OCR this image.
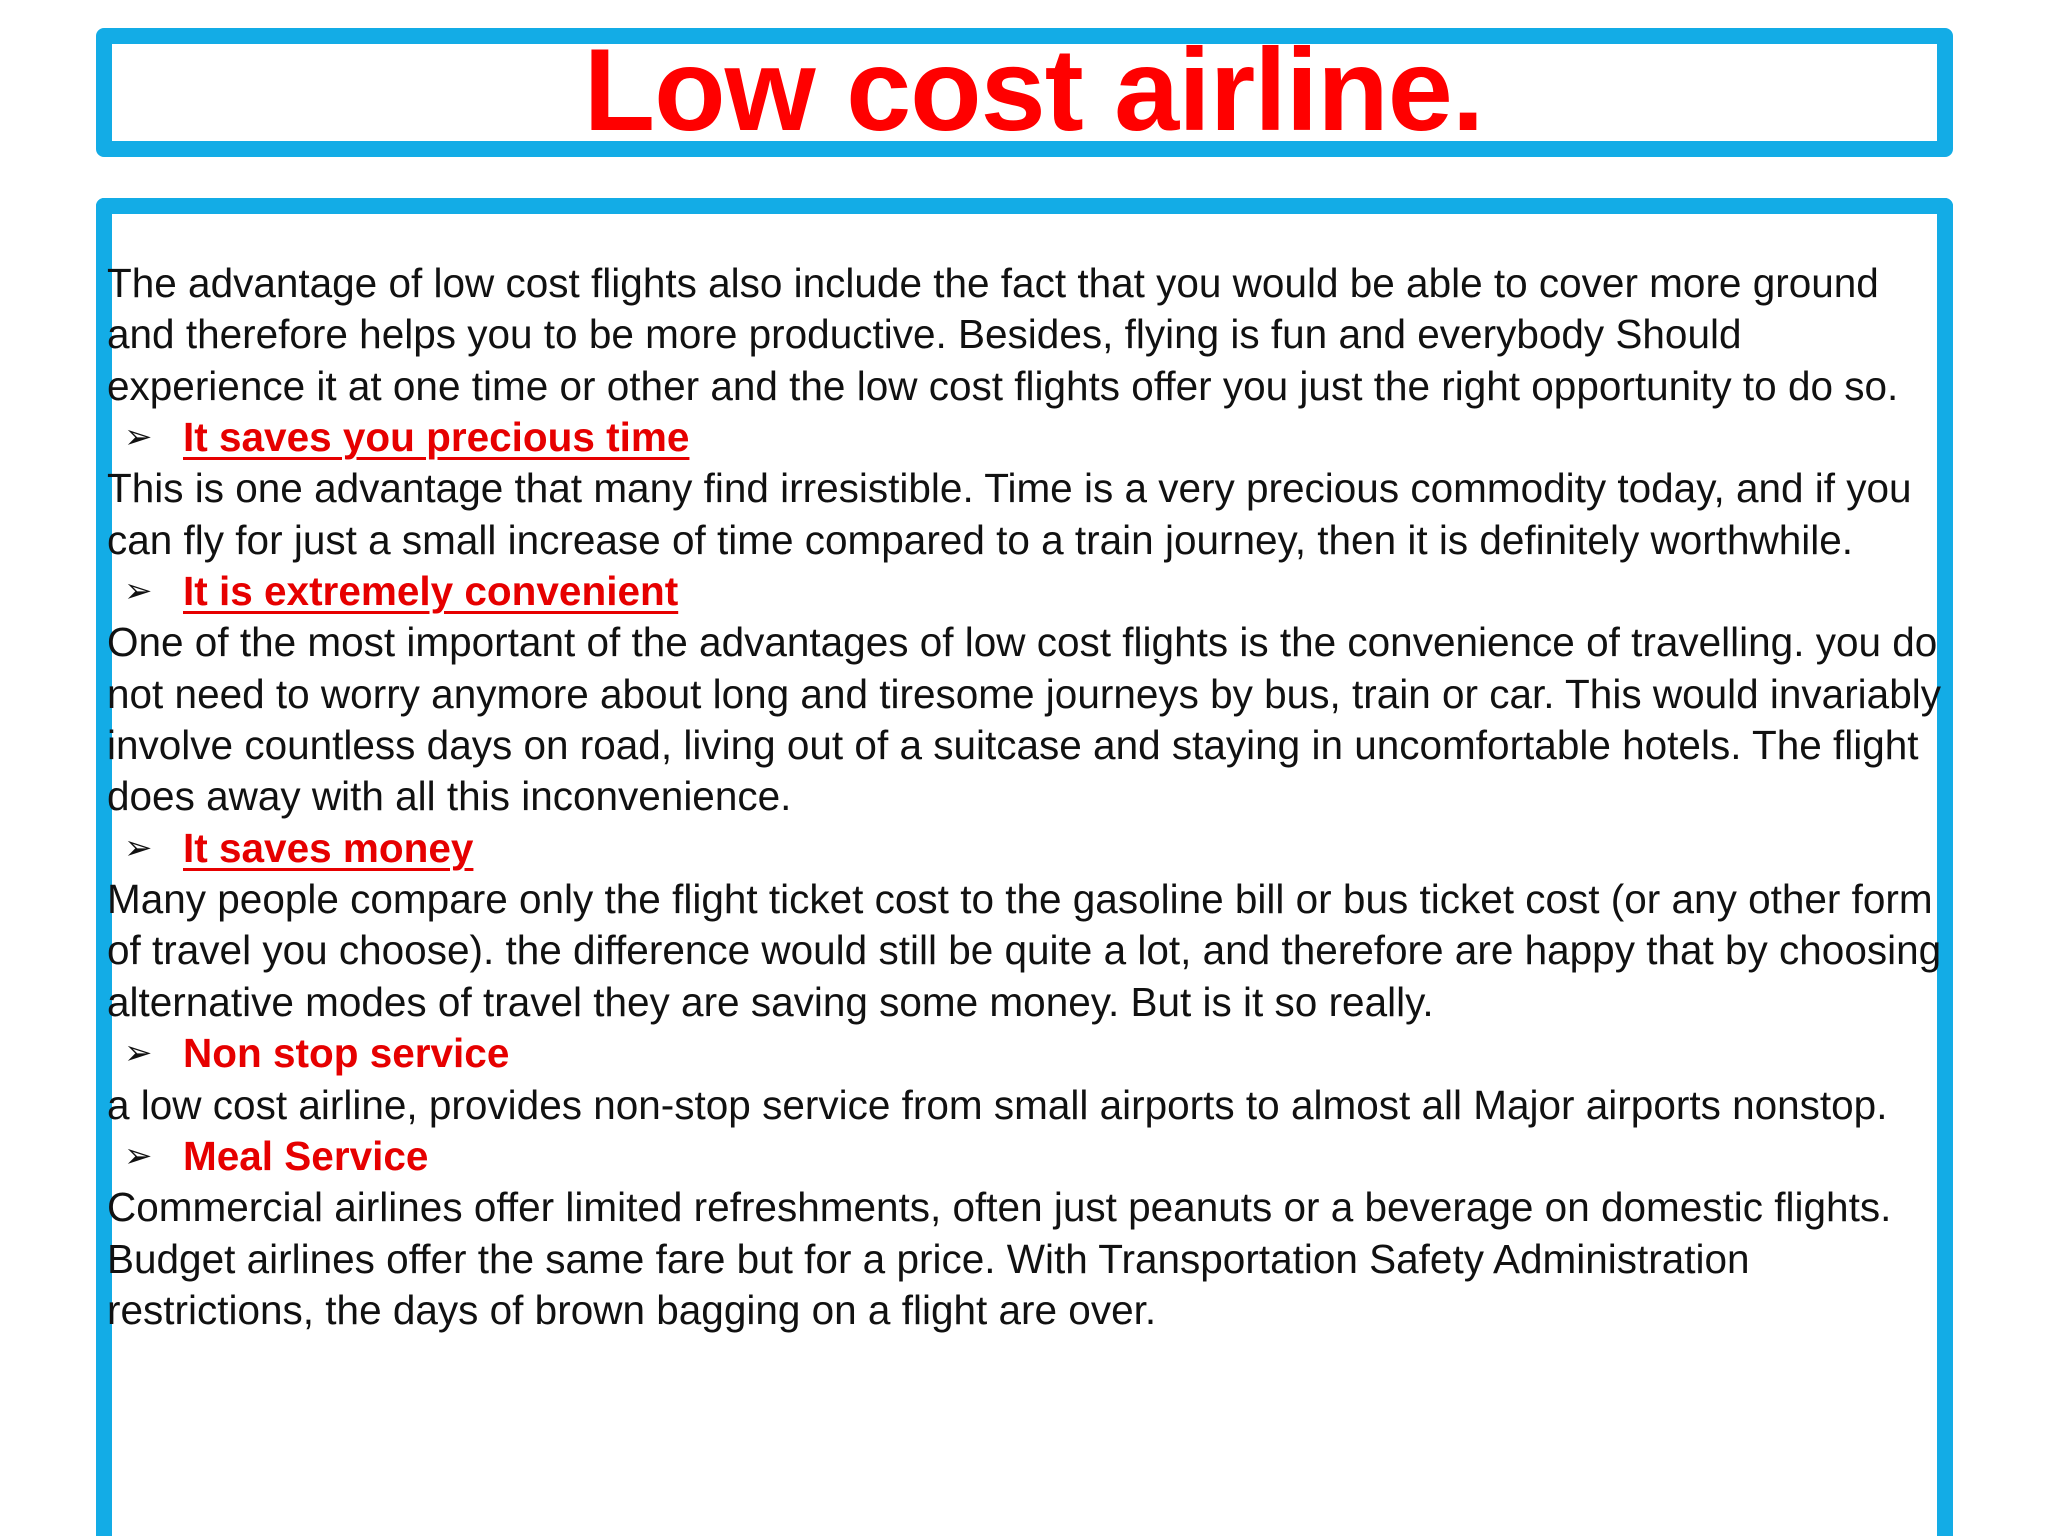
Low cost airline.

The advantage of low cost flights also include the fact that you would be able to cover more ground and therefore helps you to be more productive. Besides, flying is fun and everybody Should experience it at one time or other and the low cost flights offer you just the right opportunity to do so.

➢ It saves you precious time

This is one advantage that many find irresistible. Time is a very precious commodity today, and if you can fly for just a small increase of time compared to a train journey, then it is definitely worthwhile.

➢ It is extremely convenient

One of the most important of the advantages of low cost flights is the convenience of travelling. you do not need to worry anymore about long and tiresome journeys by bus, train or car. This would invariably involve countless days on road, living out of a suitcase and staying in uncomfortable hotels. The flight does away with all this inconvenience.

➢ It saves money

Many people compare only the flight ticket cost to the gasoline bill or bus ticket cost (or any other form of travel you choose). the difference would still be quite a lot, and therefore are happy that by choosing alternative modes of travel they are saving some money. But is it so really.

➢ Non stop service

a low cost airline, provides non-stop service from small airports to almost all Major airports nonstop.

➢ Meal Service

Commercial airlines offer limited refreshments, often just peanuts or a beverage on domestic flights. Budget airlines offer the same fare but for a price. With Transportation Safety Administration restrictions, the days of brown bagging on a flight are over.
